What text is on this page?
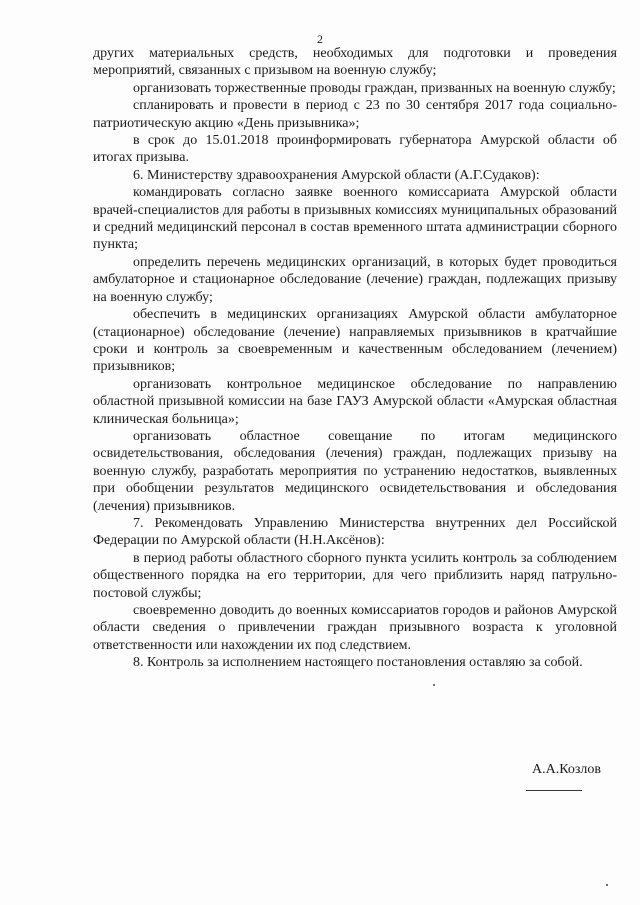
2

других материальных средств, необходимых для подготовки и проведения мероприятий, связанных с призывом на военную службу;

организовать торжественные проводы граждан, призванных на военную службу;

спланировать и провести в период с 23 по 30 сентября 2017 года социально-патриотическую акцию «День призывника»;

в срок до 15.01.2018 проинформировать губернатора Амурской области об итогах призыва.

6. Министерству здравоохранения Амурской области (А.Г.Судаков):

командировать согласно заявке военного комиссариата Амурской области врачей-специалистов для работы в призывных комиссиях муниципальных образований и средний медицинский персонал в состав временного штата администрации сборного пункта;

определить перечень медицинских организаций, в которых будет проводиться амбулаторное и стационарное обследование (лечение) граждан, подлежащих призыву на военную службу;

обеспечить в медицинских организациях Амурской области амбулаторное (стационарное) обследование (лечение) направляемых призывников в кратчайшие сроки и контроль за своевременным и качественным обследованием (лечением) призывников;

организовать контрольное медицинское обследование по направлению областной призывной комиссии на базе ГАУЗ Амурской области «Амурская областная клиническая больница»;

организовать областное совещание по итогам медицинского освидетельствования, обследования (лечения) граждан, подлежащих призыву на военную службу, разработать мероприятия по устранению недостатков, выявленных при обобщении результатов медицинского освидетельствования и обследования (лечения) призывников.

7. Рекомендовать Управлению Министерства внутренних дел Российской Федерации по Амурской области (Н.Н.Аксёнов):

в период работы областного сборного пункта усилить контроль за соблюдением общественного порядка на его территории, для чего приблизить наряд патрульно-постовой службы;

своевременно доводить до военных комиссариатов городов и районов Амурской области сведения о привлечении граждан призывного возраста к уголовной ответственности или нахождении их под следствием.

8. Контроль за исполнением настоящего постановления оставляю за собой.

А.А.Козлов
